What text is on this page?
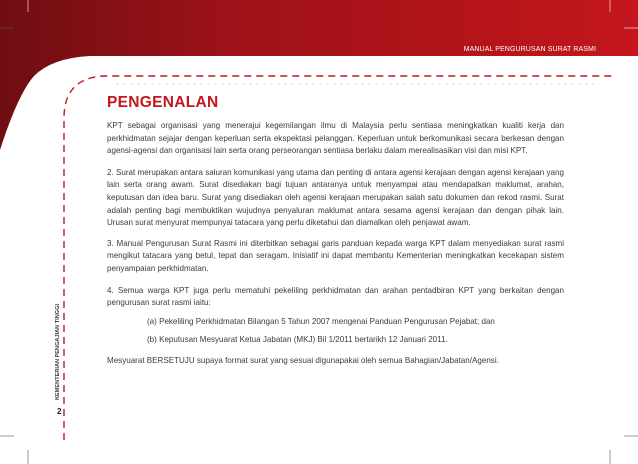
MANUAL PENGURUSAN SURAT RASMI
KEMENTERIAN PENGAJIAN TINGGI
2
PENGENALAN

KPT sebagai organisasi yang menerajui kegemilangan ilmu di Malaysia perlu sentiasa meningkatkan kualiti kerja dan perkhidmatan sejajar dengan keperluan serta ekspektasi pelanggan. Keperluan untuk berkomunikasi secara berkesan dengan agensi-agensi dan organisasi lain serta orang perseorangan sentiasa berlaku dalam merealisasikan visi dan misi KPT.

2. Surat merupakan antara saluran komunikasi yang utama dan penting di antara agensi kerajaan dengan agensi kerajaan yang lain serta orang awam. Surat disediakan bagi tujuan antaranya untuk menyampai atau mendapatkan maklumat, arahan, keputusan dan idea baru. Surat yang disediakan oleh agensi kerajaan merupakan salah satu dokumen dan rekod rasmi. Surat adalah penting bagi membuktikan wujudnya penyaluran maklumat antara sesama agensi kerajaan dan dengan pihak lain. Urusan surat menyurat mempunyai tatacara yang perlu diketahui dan diamalkan oleh penjawat awam.

3. Manual Pengurusan Surat Rasmi ini diterbitkan sebagai garis panduan kepada warga KPT dalam menyediakan surat rasmi mengikut tatacara yang betul, tepat dan seragam. Inisiatif ini dapat membantu Kementerian meningkatkan kecekapan sistem penyampaian perkhidmatan.

4. Semua warga KPT juga perlu mematuhi pekeliling perkhidmatan dan arahan pentadbiran KPT yang berkaitan dengan pengurusan surat rasmi iaitu:

(a) Pekeliling Perkhidmatan Bilangan 5 Tahun 2007 mengenai Panduan Pengurusan Pejabat; dan
(b) Keputusan Mesyuarat Ketua Jabatan (MKJ) Bil 1/2011 bertarikh 12 Januari 2011.

Mesyuarat BERSETUJU supaya format surat yang sesuai digunapakai oleh semua Bahagian/Jabatan/Agensi.
